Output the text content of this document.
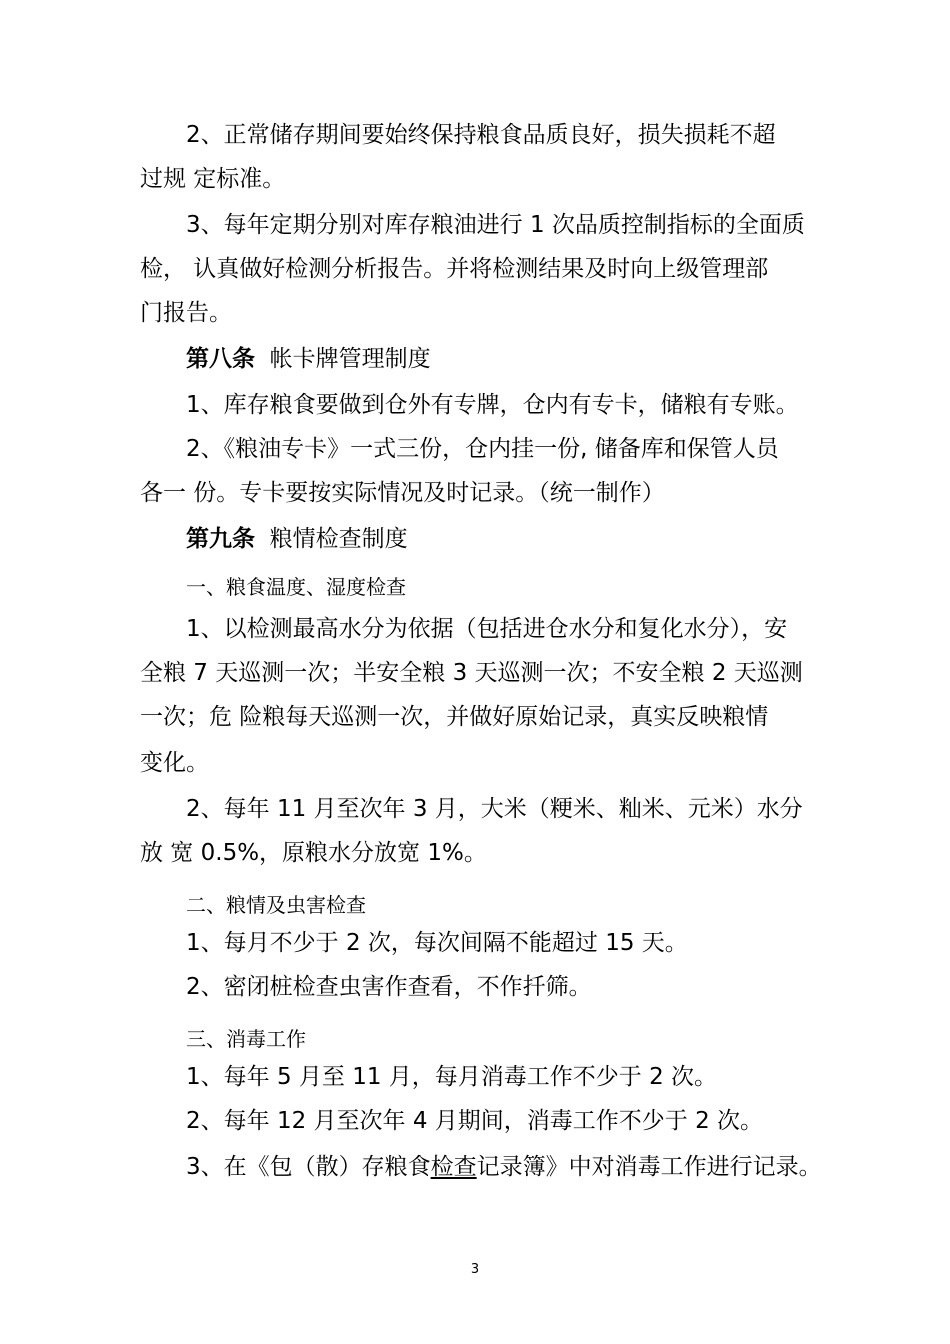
2、正常储存期间要始终保持粮食品质良好，损失损耗不超
过规 定标准。
3、每年定期分别对库存粮油进行 1 次品质控制指标的全面质
检， 认真做好检测分析报告。并将检测结果及时向上级管理部
门报告。
第八条 帐卡牌管理制度
1、库存粮食要做到仓外有专牌，仓内有专卡，储粮有专账。
2、《粮油专卡》一式三份，仓内挂一份, 储备库和保管人员
各一 份。专卡要按实际情况及时记录。（统一制作）
第九条 粮情检查制度
一、粮食温度、湿度检查
1、以检测最高水分为依据（包括进仓水分和复化水分），安
全粮 7 天巡测一次；半安全粮 3 天巡测一次；不安全粮 2 天巡测
一次；危 险粮每天巡测一次，并做好原始记录，真实反映粮情
变化。
2、每年 11 月至次年 3 月，大米（粳米、籼米、元米）水分
放 宽 0.5%，原粮水分放宽 1%。
二、粮情及虫害检查
1、每月不少于 2 次，每次间隔不能超过 15 天。
2、密闭桩检查虫害作查看，不作扦筛。
三、消毒工作
1、每年 5 月至 11 月，每月消毒工作不少于 2 次。
2、每年 12 月至次年 4 月期间，消毒工作不少于 2 次。
3、在《包（散）存粮食检查记录簿》中对消毒工作进行记录。
3
